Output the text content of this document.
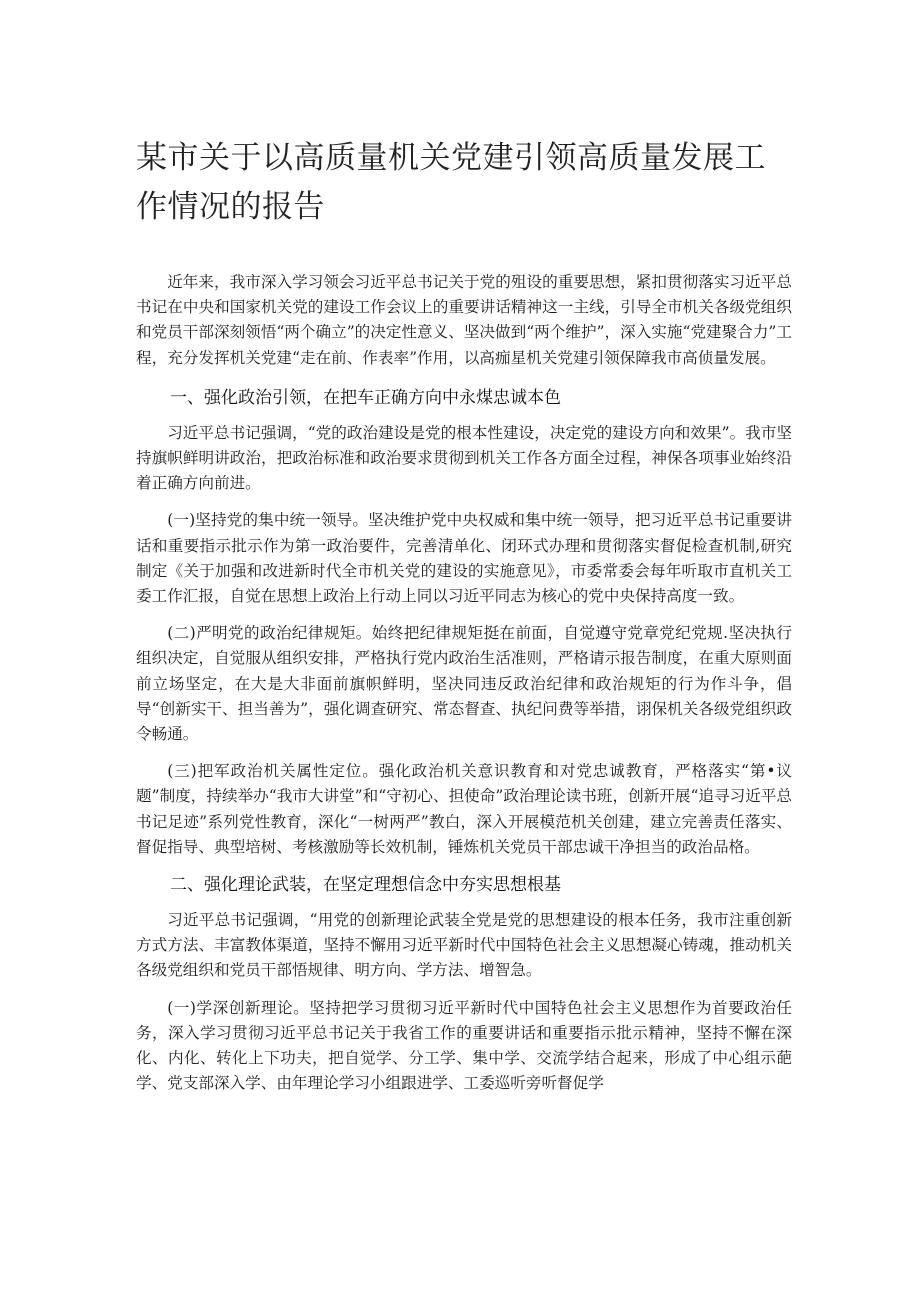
某市关于以高质量机关党建引领高质量发展工作情况的报告

近年来，我市深入学习领会习近平总书记关于党的殂设的重要思想，紧扣贯彻落实习近平总书记在中央和国家机关党的建设工作会议上的重要讲话精神这一主线，引导全市机关各级党组织和党员干部深刻领悟“两个确立”的决定性意义、坚决做到“两个维护”，深入实施“党建聚合力”工程，充分发挥机关党建“走在前、作表率”作用，以高痂星机关党建引领保障我市高侦量发展。

一、强化政治引领，在把车正确方向中永煤忠诚本色

习近平总书记强调，“党的政治建设是党的根本性建设，决定党的建设方向和效果”。我市坚持旗帜鲜明讲政治，把政治标准和政治要求贯彻到机关工作各方面全过程，神保各项事业始终沿着正确方向前进。

(一)坚持党的集中统一领导。坚决维护党中央权威和集中统一领导，把习近平总书记重要讲话和重要指示批示作为第一政治要件，完善清单化、闭环式办理和贯彻落实督促检查机制,研究制定《关于加强和改进新时代全市机关党的建设的实施意见》，市委常委会每年听取市直机关工委工作汇报，自觉在思想上政治上行动上同以习近平同志为核心的党中央保持高度一致。

(二)严明党的政治纪律规矩。始终把纪律规矩挺在前面，自觉遵守党章党纪党规.坚决执行组织决定，自觉服从组织安排，严格执行党内政治生活准则，严格请示报告制度，在重大原则面前立场坚定，在大是大非面前旗帜鲜明，坚决同违反政治纪律和政治规矩的行为作斗争，倡导“创新实干、担当善为”，强化调查研究、常态督查、执纪问费等举措，诩保机关各级党组织政令畅通。

(三)把军政治机关属性定位。强化政治机关意识教育和对党忠诚教育，严格落实“第•议题”制度，持续举办“我市大讲堂”和“守初心、担使命”政治理论读书班，创新开展“追寻习近平总书记足迹”系列党性教育，深化“一树两严”教白，深入开展模范机关创建，建立完善责任落实、督促指导、典型培树、考核激励等长效机制，锤炼机关党员干部忠诚干净担当的政治品格。

二、强化理论武装，在坚定理想信念中夯实思想根基

习近平总书记强调，“用党的创新理论武装全党是党的思想建设的根本任务，我市注重创新方式方法、丰富教体渠道，坚持不懈用习近平新时代中国特色社会主义思想凝心铸魂，推动机关各级党组织和党员干部悟规律、明方向、学方法、增智急。

(一)学深创新理论。坚持把学习贯彻习近平新时代中国特色社会主义思想作为首要政治任务，深入学习贯彻习近平总书记关于我省工作的重要讲话和重要指示批示精神，坚持不懈在深化、内化、转化上下功夫，把自觉学、分工学、集中学、交流学结合起来，形成了中心组示葩学、党支部深入学、由年理论学习小组跟进学、工委巡听旁听督促学
